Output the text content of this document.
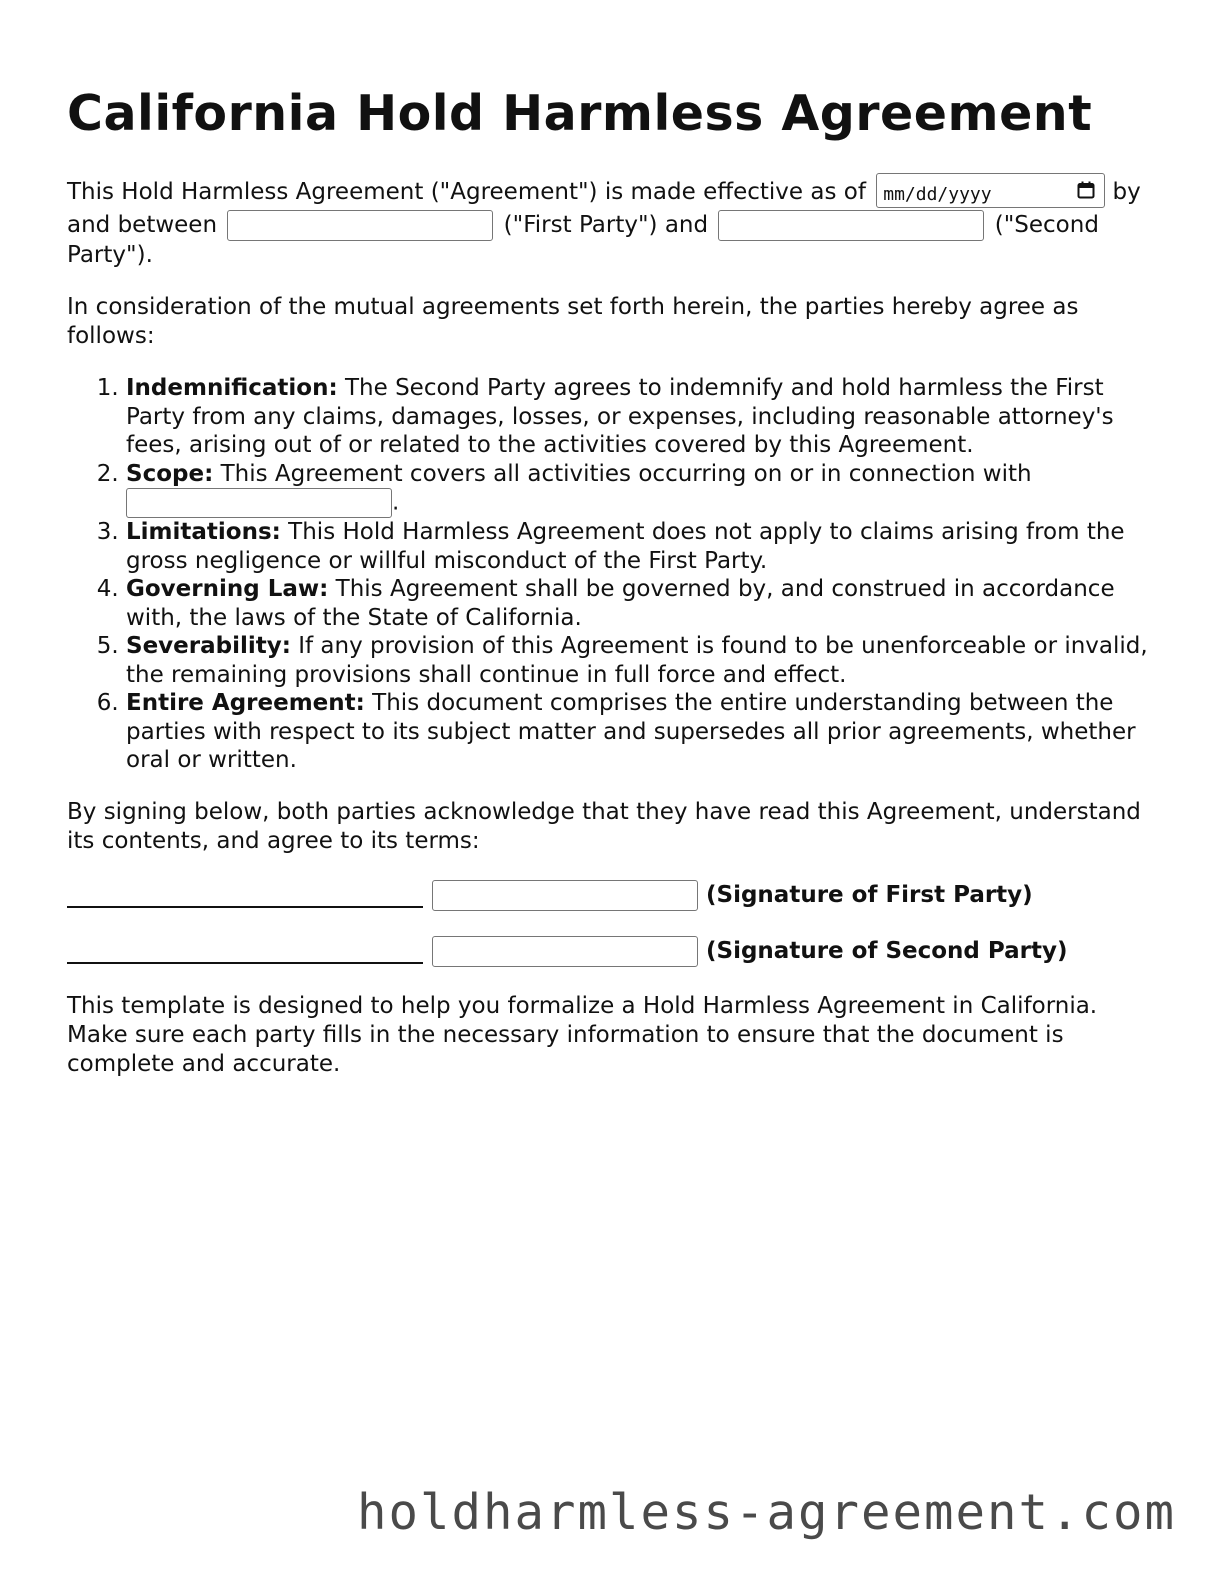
California Hold Harmless Agreement

This Hold Harmless Agreement ("Agreement") is made effective as of mm/dd/yyyy	by and between	("First Party") and	("Second Party").

In consideration of the mutual agreements set forth herein, the parties hereby agree as follows:

1. Indemnification: The Second Party agrees to indemnify and hold harmless the First Party from any claims, damages, losses, or expenses, including reasonable attorney's fees, arising out of or related to the activities covered by this Agreement.
2. Scope: This Agreement covers all activities occurring on or in connection with .
3. Limitations: This Hold Harmless Agreement does not apply to claims arising from the gross negligence or willful misconduct of the First Party.
4. Governing Law: This Agreement shall be governed by, and construed in accordance with, the laws of the State of California.
5. Severability: If any provision of this Agreement is found to be unenforceable or invalid, the remaining provisions shall continue in full force and effect.
6. Entire Agreement: This document comprises the entire understanding between the parties with respect to its subject matter and supersedes all prior agreements, whether oral or written.

By signing below, both parties acknowledge that they have read this Agreement, understand its contents, and agree to its terms:

(Signature of First Party)
(Signature of Second Party)

This template is designed to help you formalize a Hold Harmless Agreement in California. Make sure each party fills in the necessary information to ensure that the document is complete and accurate.

holdharmless-agreement.com
